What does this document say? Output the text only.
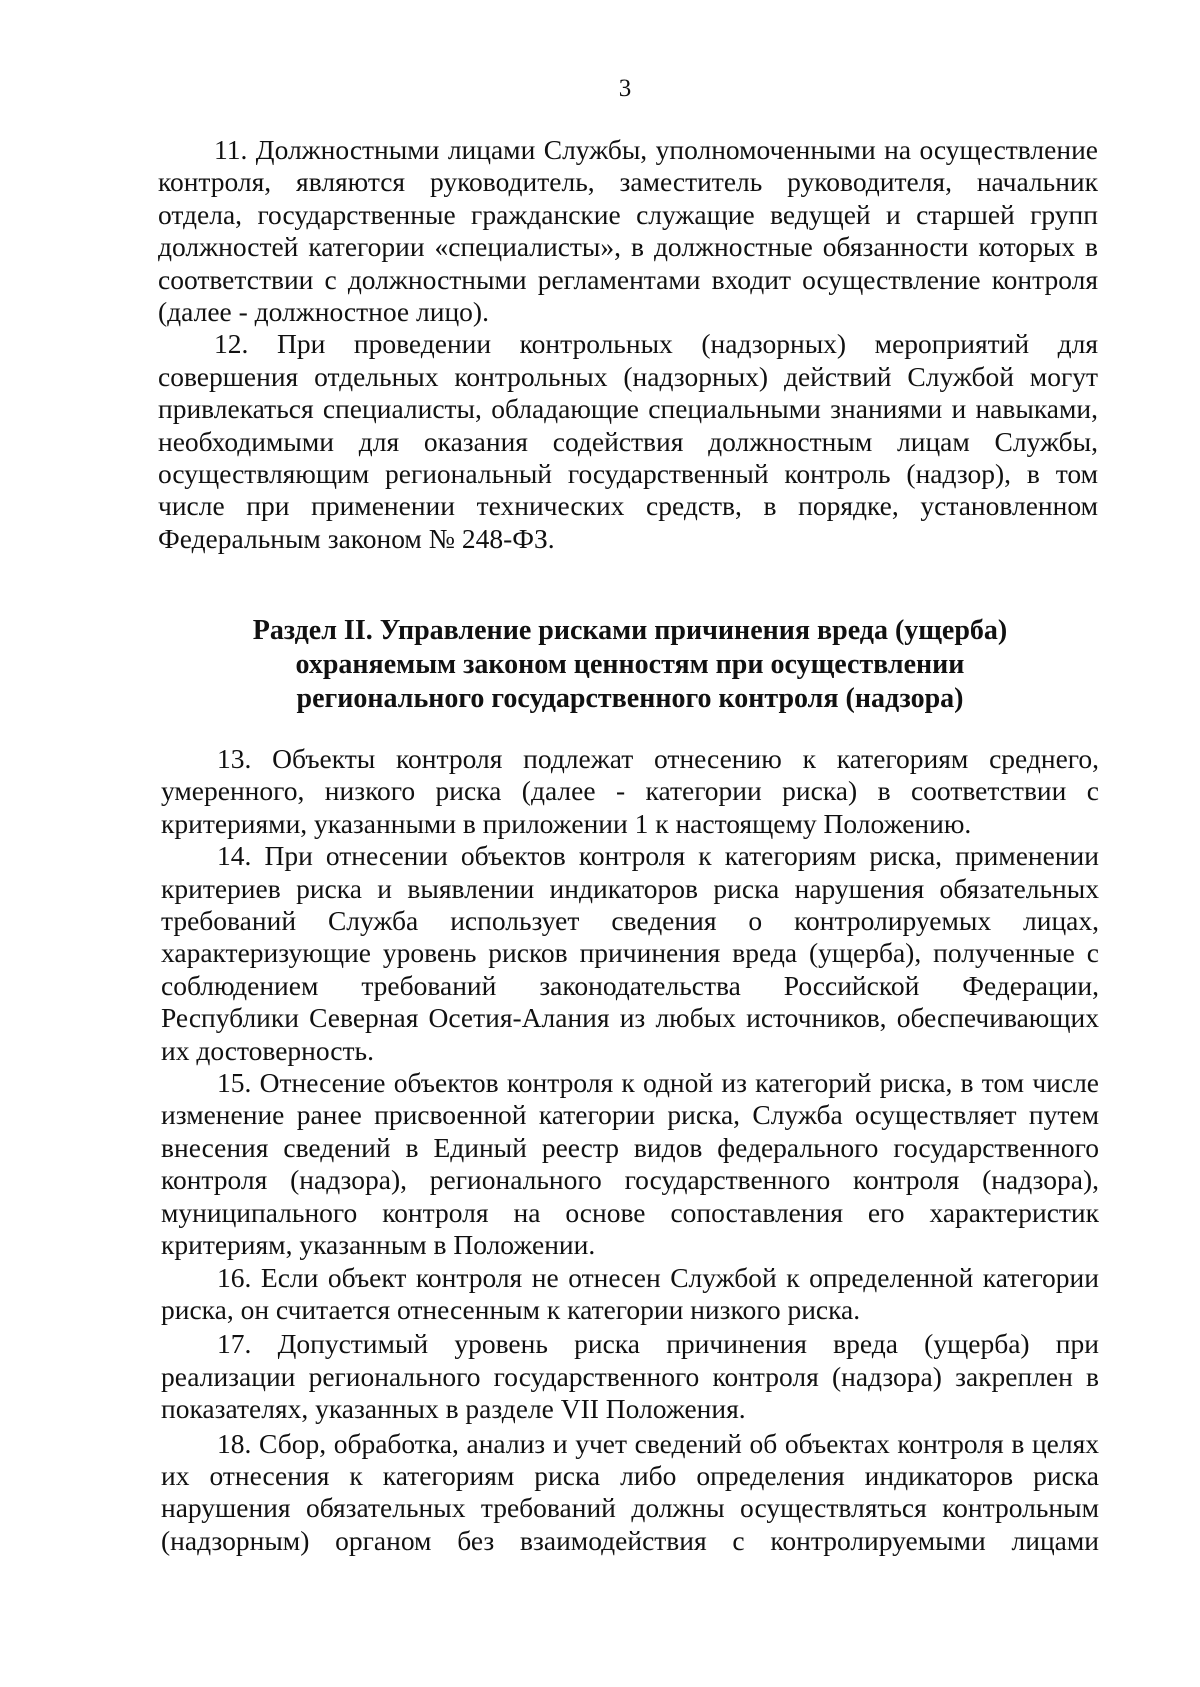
3

11. Должностными лицами Службы, уполномоченными на осуществление контроля, являются руководитель, заместитель руководителя, начальник отдела, государственные гражданские служащие ведущей и старшей групп должностей категории «специалисты», в должностные обязанности которых в соответствии с должностными регламентами входит осуществление контроля (далее - должностное лицо).

12. При проведении контрольных (надзорных) мероприятий для совершения отдельных контрольных (надзорных) действий Службой могут привлекаться специалисты, обладающие специальными знаниями и навыками, необходимыми для оказания содействия должностным лицам Службы, осуществляющим региональный государственный контроль (надзор), в том числе при применении технических средств, в порядке, установленном Федеральным законом № 248-ФЗ.

Раздел II. Управление рисками причинения вреда (ущерба)
охраняемым законом ценностям при осуществлении
регионального государственного контроля (надзора)

13. Объекты контроля подлежат отнесению к категориям среднего, умеренного, низкого риска (далее - категории риска) в соответствии с критериями, указанными в приложении 1 к настоящему Положению.

14. При отнесении объектов контроля к категориям риска, применении критериев риска и выявлении индикаторов риска нарушения обязательных требований Служба использует сведения о контролируемых лицах, характеризующие уровень рисков причинения вреда (ущерба), полученные с соблюдением требований законодательства Российской Федерации, Республики Северная Осетия-Алания из любых источников, обеспечивающих их достоверность.

15. Отнесение объектов контроля к одной из категорий риска, в том числе изменение ранее присвоенной категории риска, Служба осуществляет путем внесения сведений в Единый реестр видов федерального государственного контроля (надзора), регионального государственного контроля (надзора), муниципального контроля на основе сопоставления его характеристик критериям, указанным в Положении.

16. Если объект контроля не отнесен Службой к определенной категории риска, он считается отнесенным к категории низкого риска.

17. Допустимый уровень риска причинения вреда (ущерба) при реализации регионального государственного контроля (надзора) закреплен в показателях, указанных в разделе VII Положения.

18. Сбор, обработка, анализ и учет сведений об объектах контроля в целях их отнесения к категориям риска либо определения индикаторов риска нарушения обязательных требований должны осуществляться контрольным (надзорным) органом без взаимодействия с контролируемыми лицами
